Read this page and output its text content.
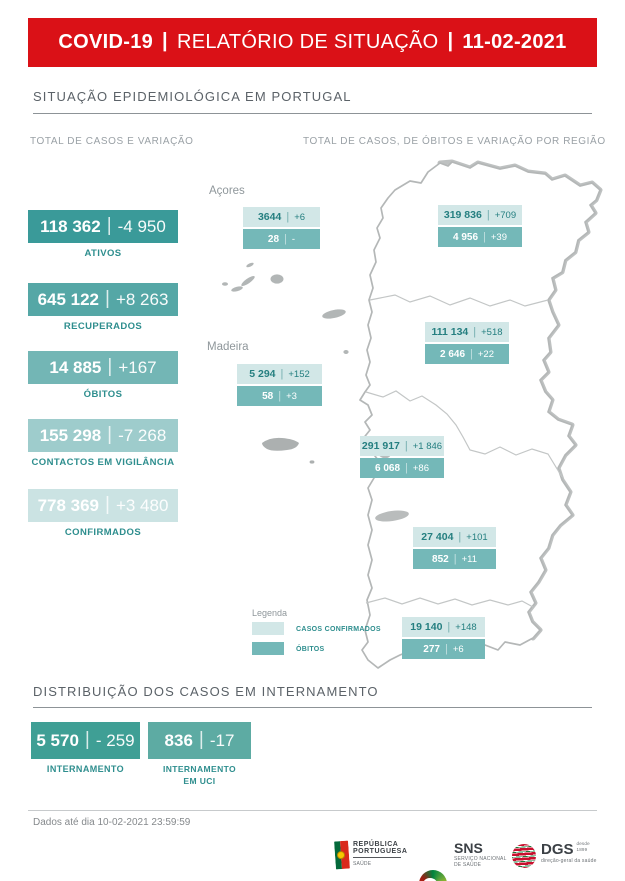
COVID-19 | RELATÓRIO DE SITUAÇÃO | 11-02-2021
SITUAÇÃO EPIDEMIOLÓGICA EM PORTUGAL
TOTAL DE CASOS E VARIAÇÃO	TOTAL DE CASOS, DE ÓBITOS E VARIAÇÃO POR REGIÃO
118 362 | -4 950
ATIVOS
645 122 | +8 263
RECUPERADOS
14 885 | +167
ÓBITOS
155 298 | -7 268
CONTACTOS EM VIGILÂNCIA
778 369 | +3 480
CONFIRMADOS
Açores
3644 | +6
28 | -
319 836 | +709
4 956 | +39
111 134 | +518
2 646 | +22
Madeira
5 294 | +152
58 | +3
291 917 | +1 846
6 068 | +86
27 404 | +101
852 | +11
19 140 | +148
277 | +6
Legenda
CASOS CONFIRMADOS
ÓBITOS
DISTRIBUIÇÃO DOS CASOS EM INTERNAMENTO
5 570 | - 259
INTERNAMENTO
836 | -17
INTERNAMENTO
EM UCI
Dados até dia 10-02-2021 23:59:59
REPÚBLICA
PORTUGUESA
SAÚDE
SNS
SERVIÇO NACIONAL
DE SAÚDE
DGS desde
1899
direção-geral da saúde
